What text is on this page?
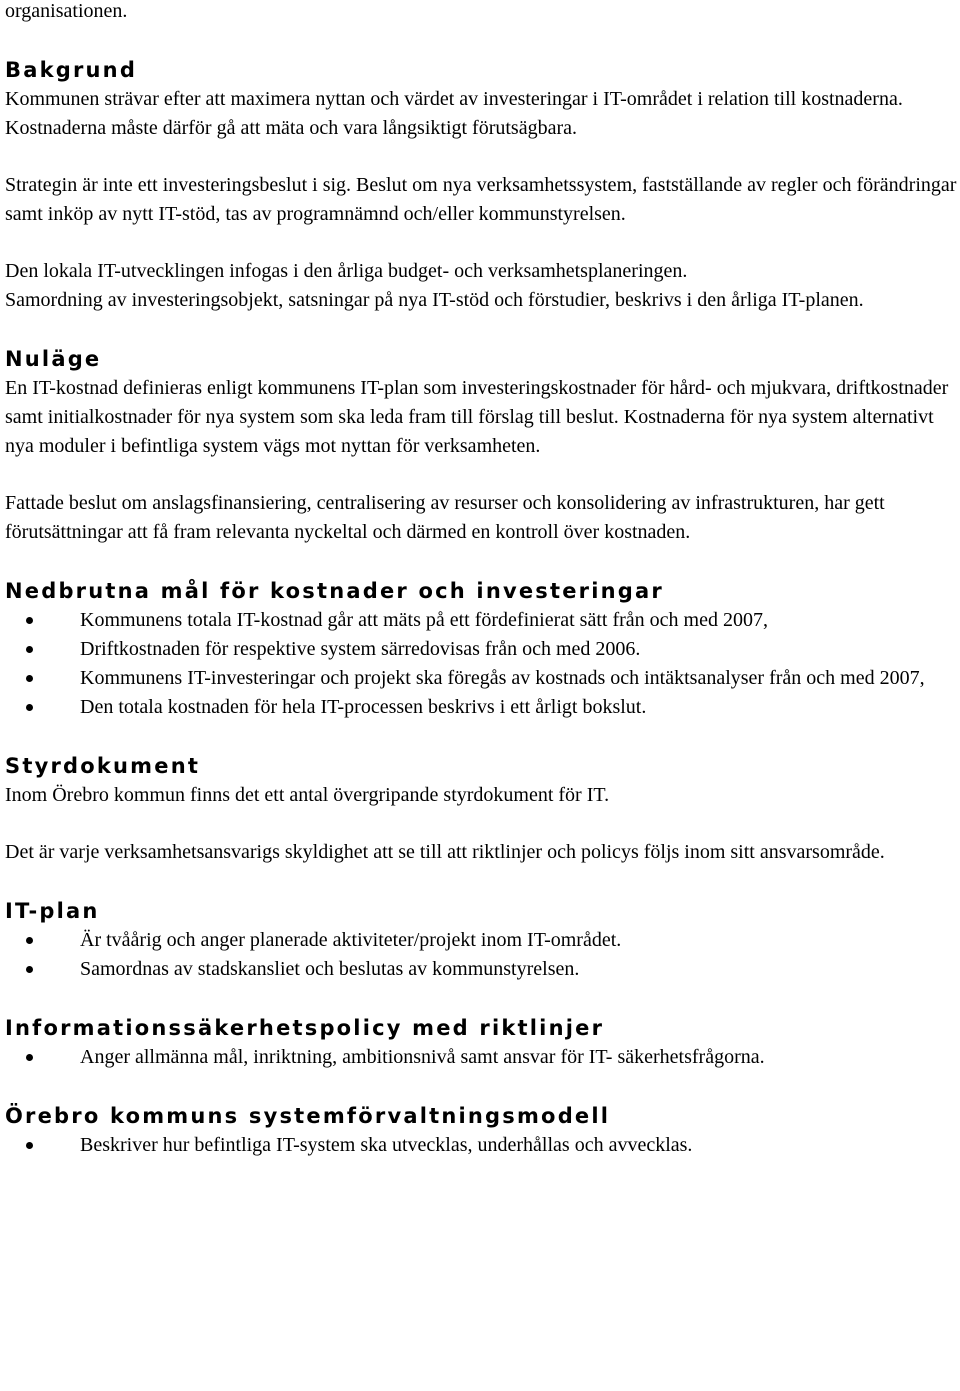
organisationen.

Bakgrund

Kommunen strävar efter att maximera nyttan och värdet av investeringar i IT-området i relation till kostnaderna. Kostnaderna måste därför gå att mäta och vara långsiktigt förutsägbara.

Strategin är inte ett investeringsbeslut i sig. Beslut om nya verksamhetssystem, fastställande av regler och förändringar samt inköp av nytt IT-stöd, tas av programnämnd och/eller kommunstyrelsen.

Den lokala IT-utvecklingen infogas i den årliga budget- och verksamhetsplaneringen.

Samordning av investeringsobjekt, satsningar på nya IT-stöd och förstudier, beskrivs i den årliga IT-planen.

Nuläge

En IT-kostnad definieras enligt kommunens IT-plan som investeringskostnader för hård- och mjukvara, driftkostnader samt initialkostnader för nya system som ska leda fram till förslag till beslut. Kostnaderna för nya system alternativt nya moduler i befintliga system vägs mot nyttan för verksamheten.

Fattade beslut om anslagsfinansiering, centralisering av resurser och konsolidering av infrastrukturen, har gett förutsättningar att få fram relevanta nyckeltal och därmed en kontroll över kostnaden.

Nedbrutna mål för kostnader och investeringar
Kommunens totala IT-kostnad går att mäts på ett fördefinierat sätt från och med 2007,
Driftkostnaden för respektive system särredovisas från och med 2006.
Kommunens IT-investeringar och projekt ska föregås av kostnads och intäktsanalyser från och med 2007,
Den totala kostnaden för hela IT-processen beskrivs i ett årligt bokslut.
Styrdokument

Inom Örebro kommun finns det ett antal övergripande styrdokument för IT.

Det är varje verksamhetsansvarigs skyldighet att se till att riktlinjer och policys följs inom sitt ansvarsområde.

IT-plan
Är tvåårig och anger planerade aktiviteter/projekt inom IT-området.
Samordnas av stadskansliet och beslutas av kommunstyrelsen.
Informationssäkerhetspolicy med riktlinjer
Anger allmänna mål, inriktning, ambitionsnivå samt ansvar för IT- säkerhetsfrågorna.
Örebro kommuns systemförvaltningsmodell
Beskriver hur befintliga IT-system ska utvecklas, underhållas och avvecklas.
